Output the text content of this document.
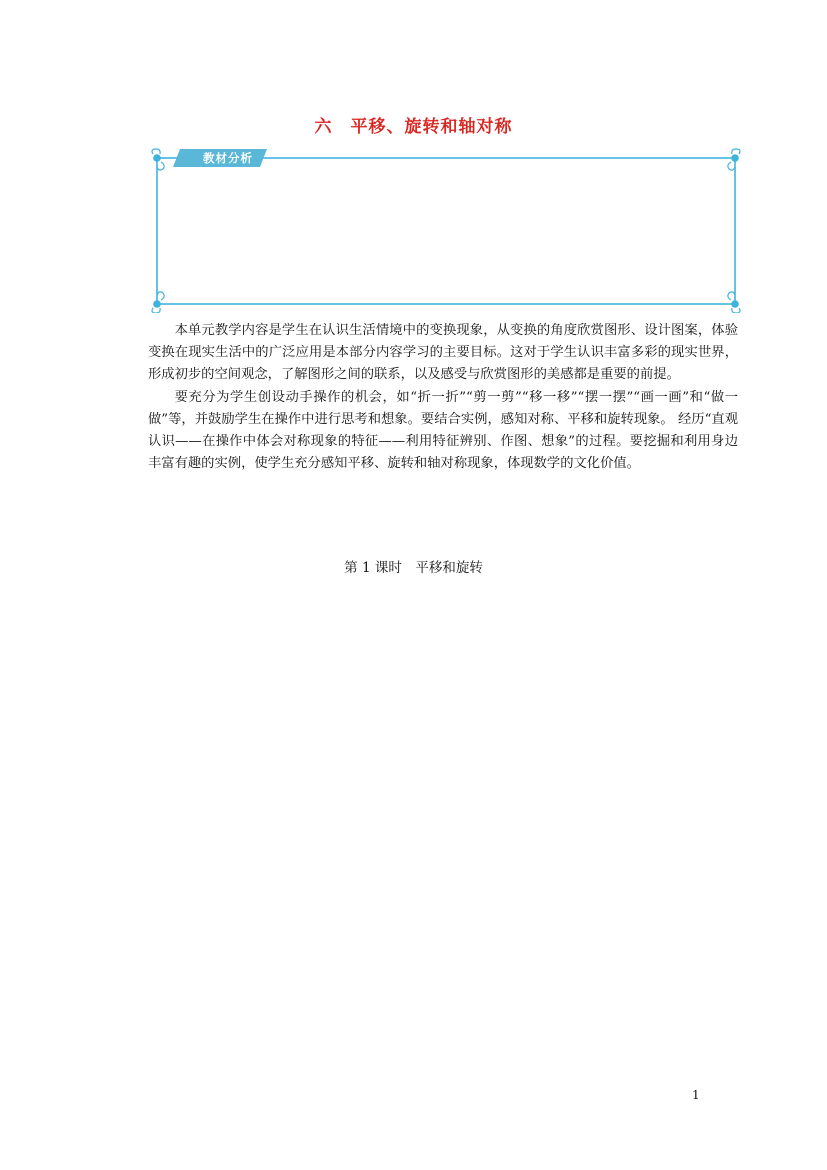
六　平移、旋转和轴对称
教材分析

本单元教学内容是学生在认识生活情境中的变换现象，从变换的角度欣赏图形、设计图案，体验变换在现实生活中的广泛应用是本部分内容学习的主要目标。这对于学生认识丰富多彩的现实世界，形成初步的空间观念，了解图形之间的联系，以及感受与欣赏图形的美感都是重要的前提。

要充分为学生创设动手操作的机会，如“折一折”“剪一剪”“移一移”“摆一摆”“画一画”和“做一做”等，并鼓励学生在操作中进行思考和想象。要结合实例，感知对称、平移和旋转现象。 经历“直观认识——在操作中体会对称现象的特征——利用特征辨别、作图、想象”的过程。要挖掘和利用身边丰富有趣的实例，使学生充分感知平移、旋转和轴对称现象，体现数学的文化价值。

第 1 课时　平移和旋转
1
